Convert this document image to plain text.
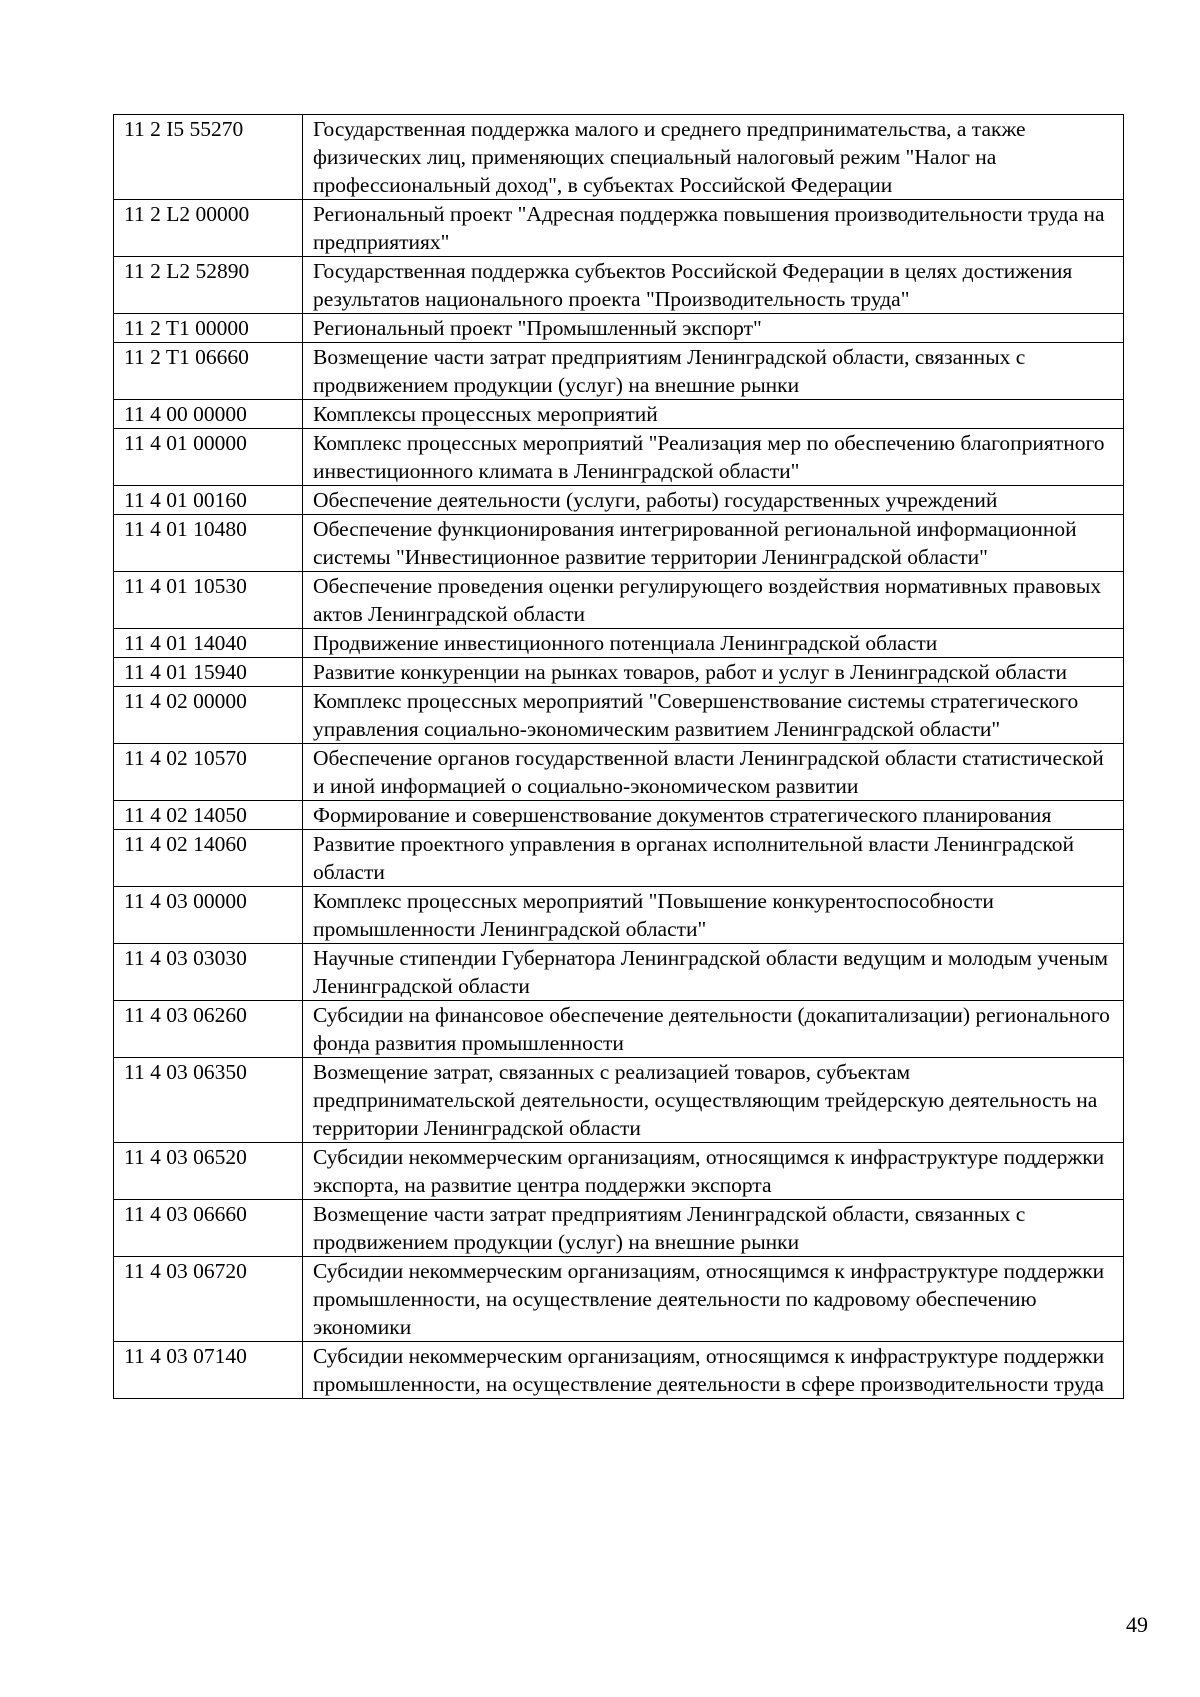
11 2 I5 55270	Государственная поддержка малого и среднего предпринимательства, а также физических лиц, применяющих специальный налоговый режим "Налог на профессиональный доход", в субъектах Российской Федерации
11 2 L2 00000	Региональный проект "Адресная поддержка повышения производительности труда на предприятиях"
11 2 L2 52890	Государственная поддержка субъектов Российской Федерации в целях достижения результатов национального проекта "Производительность труда"
11 2 T1 00000	Региональный проект "Промышленный экспорт"
11 2 T1 06660	Возмещение части затрат предприятиям Ленинградской области, связанных с продвижением продукции (услуг) на внешние рынки
11 4 00 00000	Комплексы процессных мероприятий
11 4 01 00000	Комплекс процессных мероприятий "Реализация мер по обеспечению благоприятного инвестиционного климата в Ленинградской области"
11 4 01 00160	Обеспечение деятельности (услуги, работы) государственных учреждений
11 4 01 10480	Обеспечение функционирования интегрированной региональной информационной системы "Инвестиционное развитие территории Ленинградской области"
11 4 01 10530	Обеспечение проведения оценки регулирующего воздействия нормативных правовых актов Ленинградской области
11 4 01 14040	Продвижение инвестиционного потенциала Ленинградской области
11 4 01 15940	Развитие конкуренции на рынках товаров, работ и услуг в Ленинградской области
11 4 02 00000	Комплекс процессных мероприятий "Совершенствование системы стратегического управления социально-экономическим развитием Ленинградской области"
11 4 02 10570	Обеспечение органов государственной власти Ленинградской области статистической и иной информацией о социально-экономическом развитии
11 4 02 14050	Формирование и совершенствование документов стратегического планирования
11 4 02 14060	Развитие проектного управления в органах исполнительной власти Ленинградской области
11 4 03 00000	Комплекс процессных мероприятий "Повышение конкурентоспособности промышленности Ленинградской области"
11 4 03 03030	Научные стипендии Губернатора Ленинградской области ведущим и молодым ученым Ленинградской области
11 4 03 06260	Субсидии на финансовое обеспечение деятельности (докапитализации) регионального фонда развития промышленности
11 4 03 06350	Возмещение затрат, связанных с реализацией товаров, субъектам предпринимательской деятельности, осуществляющим трейдерскую деятельность на территории Ленинградской области
11 4 03 06520	Субсидии некоммерческим организациям, относящимся к инфраструктуре поддержки экспорта, на развитие центра поддержки экспорта
11 4 03 06660	Возмещение части затрат предприятиям Ленинградской области, связанных с продвижением продукции (услуг) на внешние рынки
11 4 03 06720	Субсидии некоммерческим организациям, относящимся к инфраструктуре поддержки промышленности, на осуществление деятельности по кадровому обеспечению экономики
11 4 03 07140	Субсидии некоммерческим организациям, относящимся к инфраструктуре поддержки промышленности, на осуществление деятельности в сфере производительности труда
49
